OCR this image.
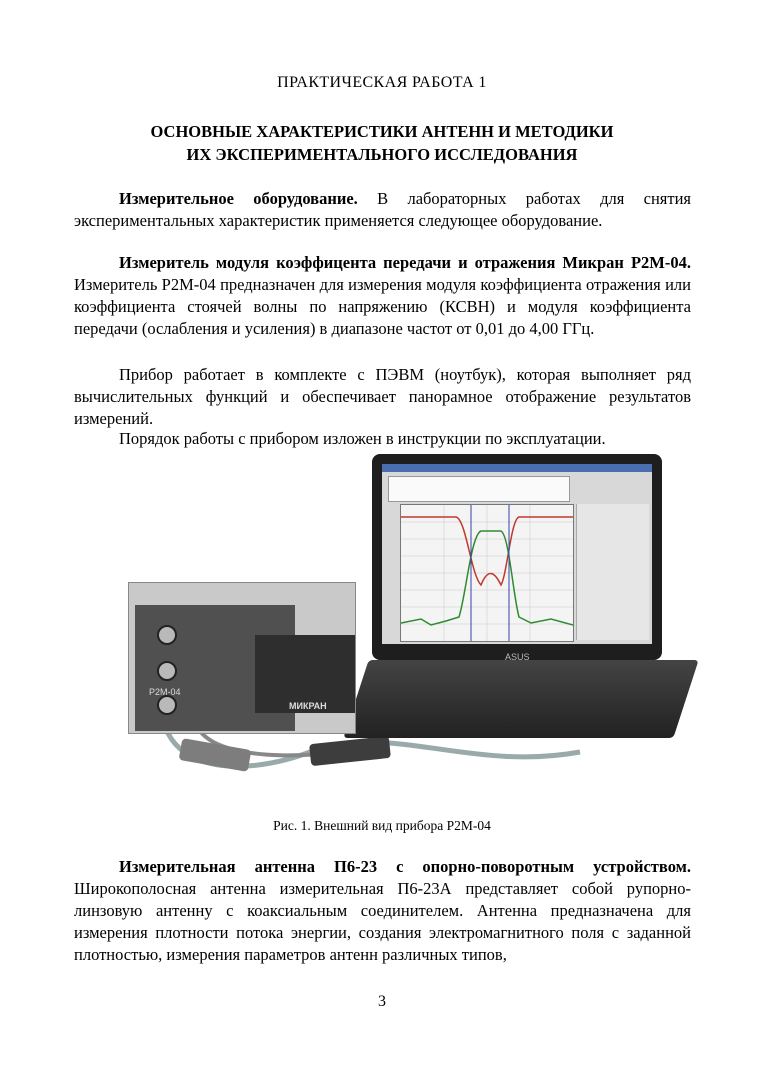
ПРАКТИЧЕСКАЯ РАБОТА 1

ОСНОВНЫЕ ХАРАКТЕРИСТИКИ АНТЕНН И МЕТОДИКИ

ИХ ЭКСПЕРИМЕНТАЛЬНОГО ИССЛЕДОВАНИЯ

Измерительное оборудование. В лабораторных работах для снятия экспериментальных характеристик применяется следующее оборудование.

Измеритель модуля коэффицента передачи и отражения Микран Р2М-04. Измеритель Р2М-04 предназначен для измерения модуля коэффициента отражения или коэффициента стоячей волны по напряжению (КСВН) и модуля коэффициента передачи (ослабления и усиления) в диапазоне частот от 0,01 до 4,00 ГГц.

Прибор работает в комплекте с ПЭВМ (ноутбук), которая выполняет ряд вычислительных функций и обеспечивает панорамное отображение результатов измерений.

Порядок работы с прибором изложен в инструкции по эксплуатации.

ASUS
Р2М-04
МИКРАН

Рис. 1. Внешний вид прибора Р2М-04

Измерительная антенна П6-23 с опорно-поворотным устройством. Широкополосная антенна измерительная П6-23А представляет собой рупорно-линзовую антенну с коаксиальным соединителем. Антенна предназначена для измерения плотности потока энергии, создания электромагнитного поля с заданной плотностью, измерения параметров антенн различных типов,

3
